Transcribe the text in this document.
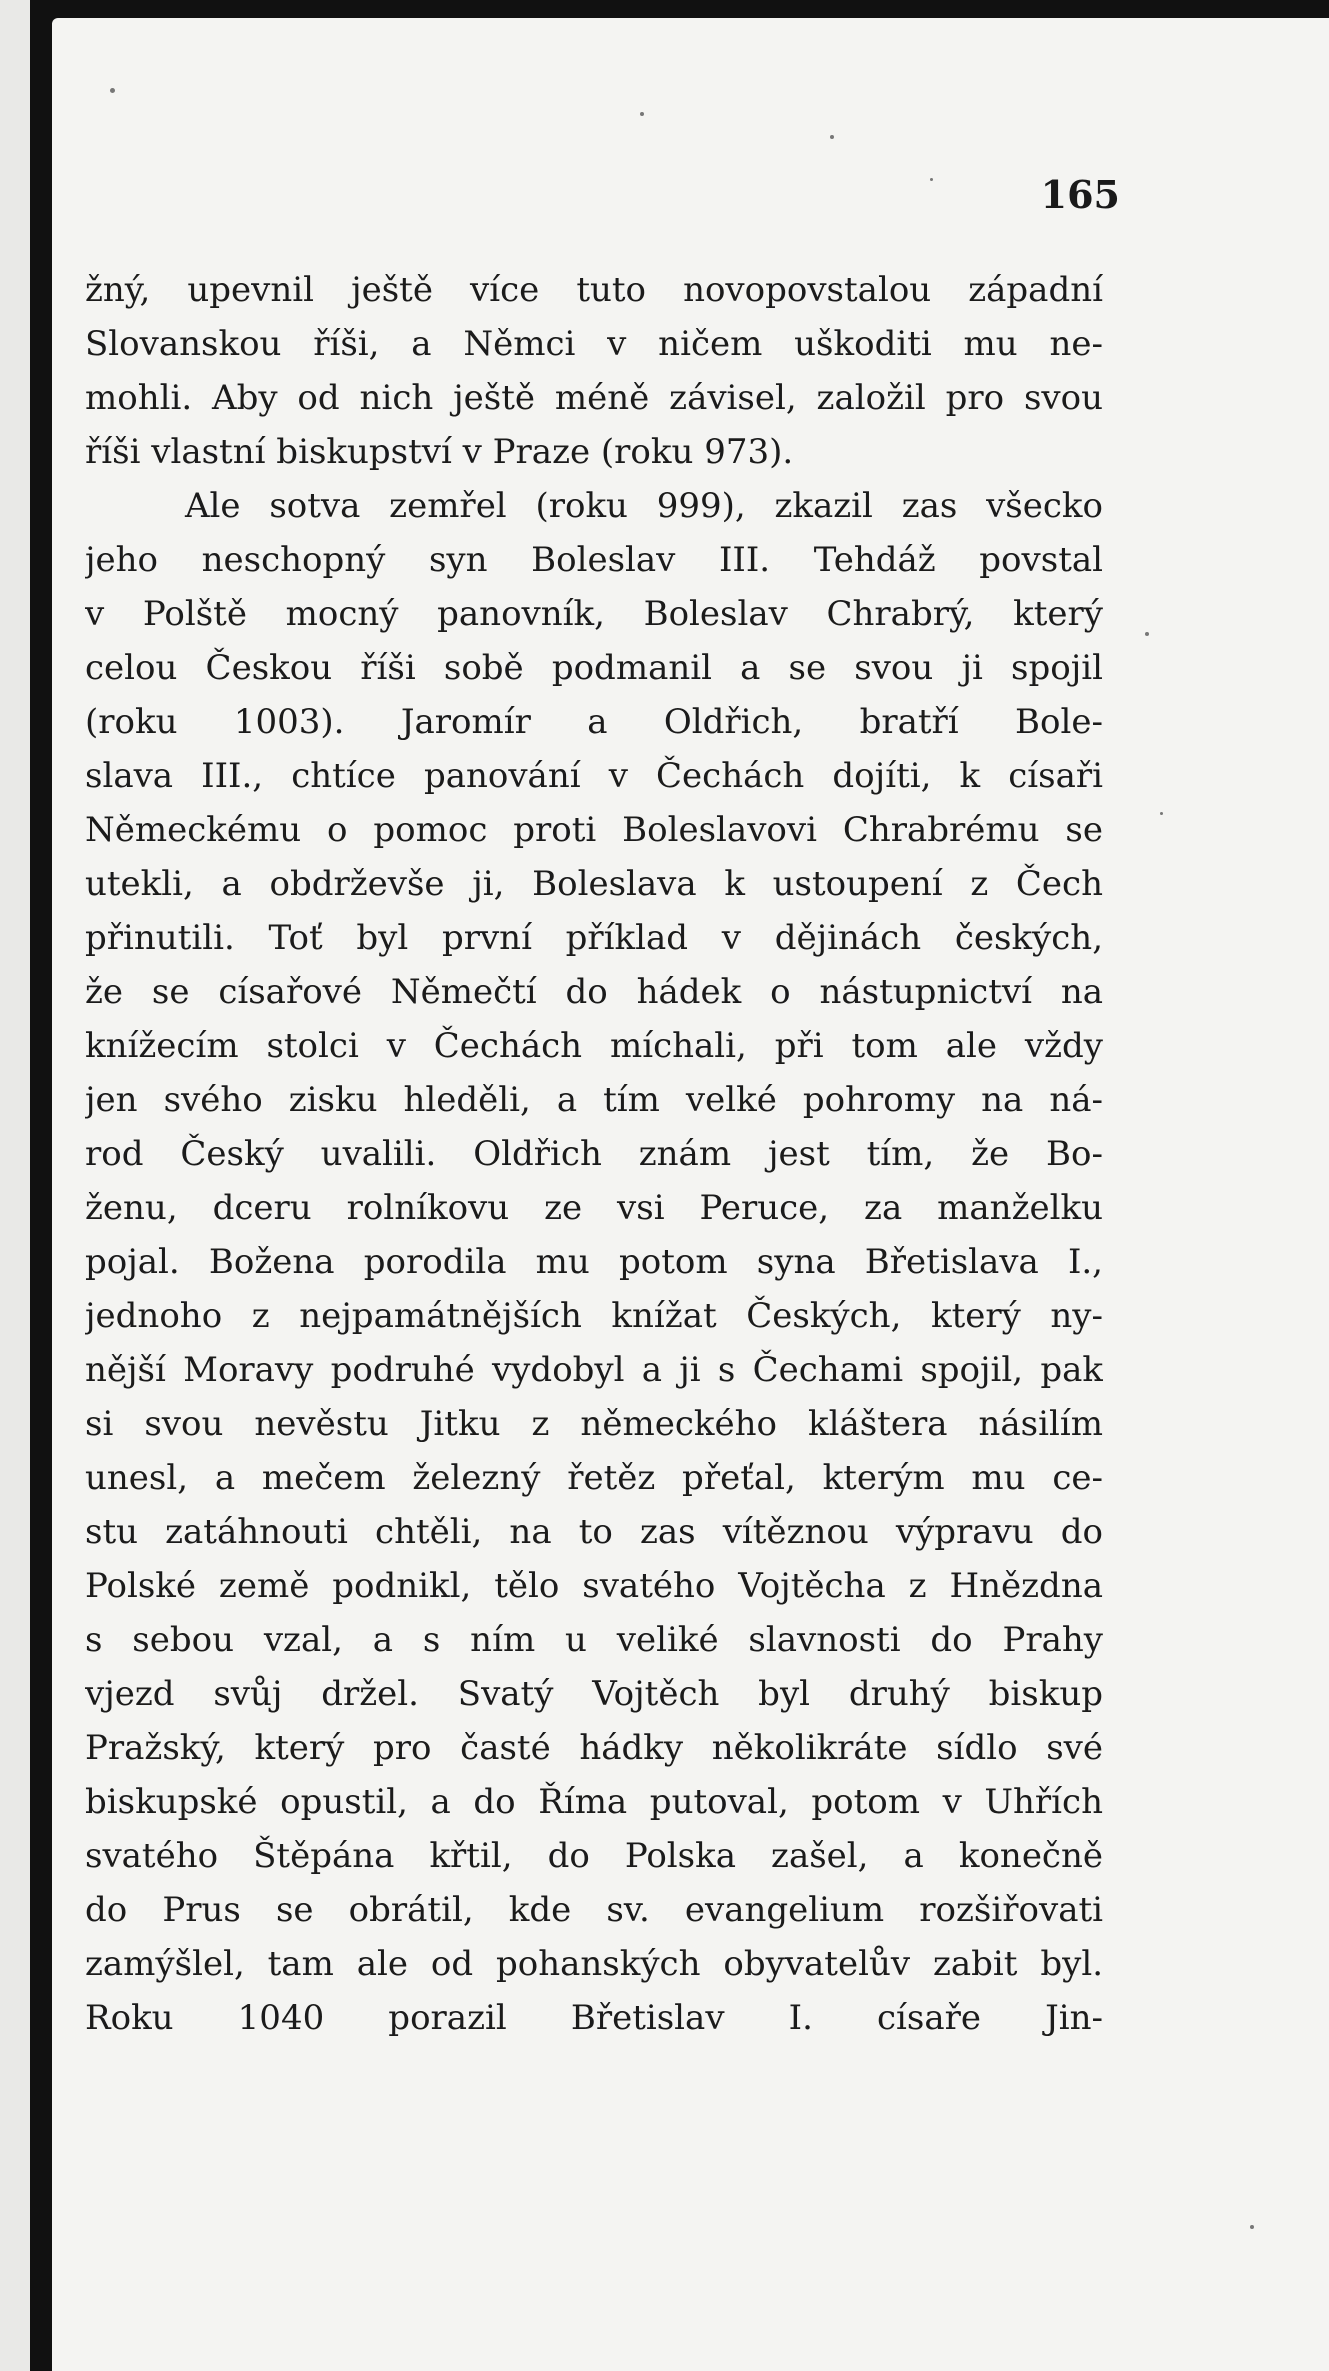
165
žný, upevnil ještě více tuto novopovstalou západní
Slovanskou říši, a Němci v ničem uškoditi mu ne-
mohli. Aby od nich ještě méně závisel, založil pro svou
říši vlastní biskupství v Praze (roku 973).
Ale sotva zemřel (roku 999), zkazil zas všecko
jeho neschopný syn Boleslav III. Tehdáž povstal
v Polště mocný panovník, Boleslav Chrabrý, který
celou Českou říši sobě podmanil a se svou ji spojil
(roku 1003). Jaromír a Oldřich, bratří Bole-
slava III., chtíce panování v Čechách dojíti, k císaři
Německému o pomoc proti Boleslavovi Chrabrému se
utekli, a obdrževše ji, Boleslava k ustoupení z Čech
přinutili. Toť byl první příklad v dějinách českých,
že se císařové Němečtí do hádek o nástupnictví na
knížecím stolci v Čechách míchali, při tom ale vždy
jen svého zisku hleděli, a tím velké pohromy na ná-
rod Český uvalili. Oldřich znám jest tím, že Bo-
ženu, dceru rolníkovu ze vsi Peruce, za manželku
pojal. Božena porodila mu potom syna Břetislava I.,
jednoho z nejpamátnějších knížat Českých, který ny-
nější Moravy podruhé vydobyl a ji s Čechami spojil, pak
si svou nevěstu Jitku z německého kláštera násilím
unesl, a mečem železný řetěz přeťal, kterým mu ce-
stu zatáhnouti chtěli, na to zas vítěznou výpravu do
Polské země podnikl, tělo svatého Vojtěcha z Hnězdna
s sebou vzal, a s ním u veliké slavnosti do Prahy
vjezd svůj držel. Svatý Vojtěch byl druhý biskup
Pražský, který pro časté hádky několikráte sídlo své
biskupské opustil, a do Říma putoval, potom v Uhřích
svatého Štěpána křtil, do Polska zašel, a konečně
do Prus se obrátil, kde sv. evangelium rozšiřovati
zamýšlel, tam ale od pohanských obyvatelův zabit byl.
Roku 1040 porazil Břetislav I. císaře Jin-
